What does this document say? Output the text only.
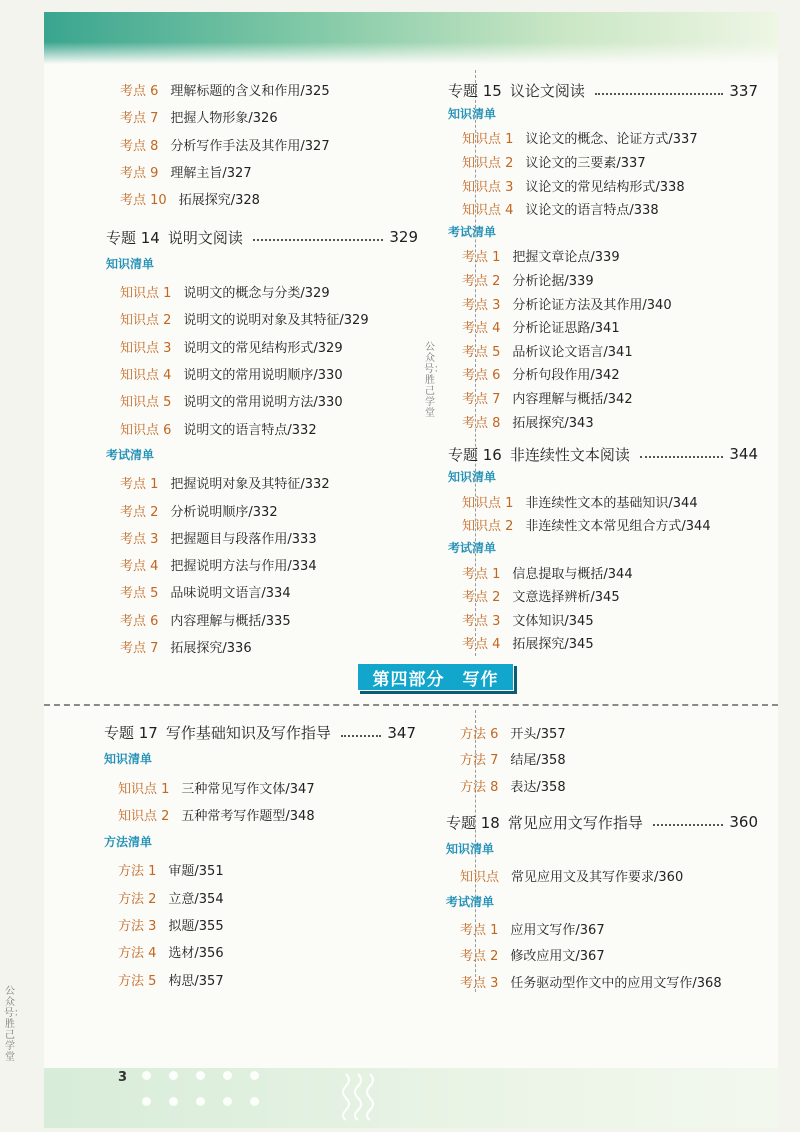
公众号：胜己学堂
考点 6 理解标题的含义和作用/325
考点 7 把握人物形象/326
考点 8 分析写作手法及其作用/327
考点 9 理解主旨/327
考点 10 拓展探究/328
专题 14 说明文阅读	329
知识清单
知识点 1 说明文的概念与分类/329
知识点 2 说明文的说明对象及其特征/329
知识点 3 说明文的常见结构形式/329
知识点 4 说明文的常用说明顺序/330
知识点 5 说明文的常用说明方法/330
知识点 6 说明文的语言特点/332
考试清单
考点 1 把握说明对象及其特征/332
考点 2 分析说明顺序/332
考点 3 把握题目与段落作用/333
考点 4 把握说明方法与作用/334
考点 5 品味说明文语言/334
考点 6 内容理解与概括/335
考点 7 拓展探究/336
专题 15 议论文阅读	337
知识清单
知识点 1 议论文的概念、论证方式/337
知识点 2 议论文的三要素/337
知识点 3 议论文的常见结构形式/338
知识点 4 议论文的语言特点/338
考试清单
考点 1 把握文章论点/339
考点 2 分析论据/339
考点 3 分析论证方法及其作用/340
考点 4 分析论证思路/341
考点 5 品析议论文语言/341
考点 6 分析句段作用/342
考点 7 内容理解与概括/342
考点 8 拓展探究/343
专题 16 非连续性文本阅读	344
知识清单
知识点 1 非连续性文本的基础知识/344
知识点 2 非连续性文本常见组合方式/344
考试清单
考点 1 信息提取与概括/344
考点 2 文意选择辨析/345
考点 3 文体知识/345
考点 4 拓展探究/345
第四部分　写作
专题 17 写作基础知识及写作指导	347
知识清单
知识点 1 三种常见写作文体/347
知识点 2 五种常考写作题型/348
方法清单
方法 1 审题/351
方法 2 立意/354
方法 3 拟题/355
方法 4 选材/356
方法 5 构思/357
方法 6 开头/357
方法 7 结尾/358
方法 8 表达/358
专题 18 常见应用文写作指导	360
知识清单
知识点 常见应用文及其写作要求/360
考试清单
考点 1 应用文写作/367
考点 2 修改应用文/367
考点 3 任务驱动型作文中的应用文写作/368
3
公众号：胜己学堂
